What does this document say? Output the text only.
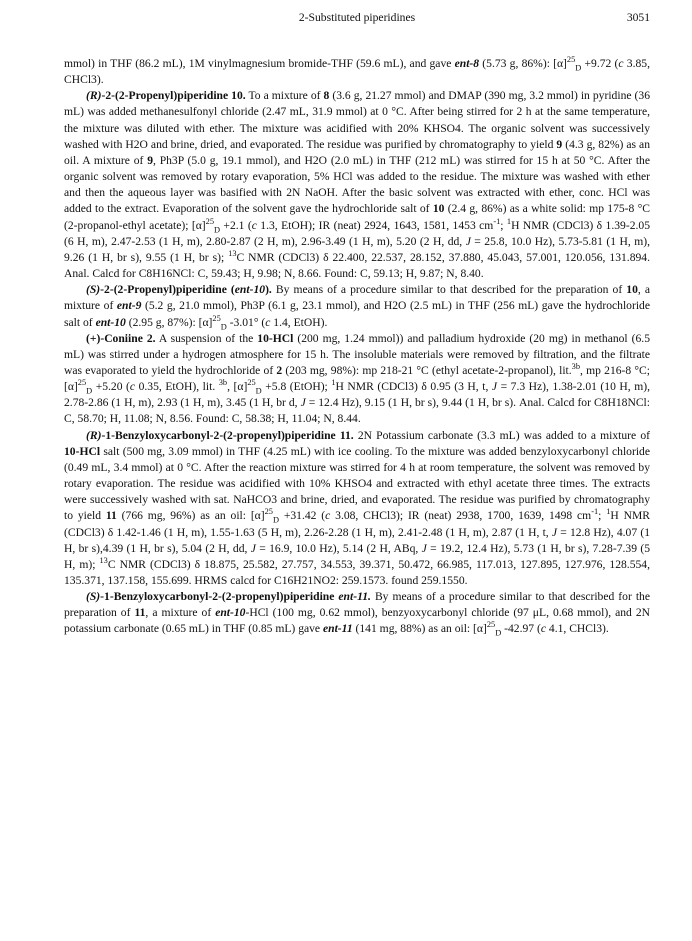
2-Substituted piperidines	3051

mmol) in THF (86.2 mL), 1M vinylmagnesium bromide-THF (59.6 mL), and gave ent-8 (5.73 g, 86%): $[\alpha]^{25}_D +9.72$ (c 3.85, CHCl3).

(R)-2-(2-Propenyl)piperidine 10. To a mixture of 8 (3.6 g, 21.27 mmol) and DMAP (390 mg, 3.2 mmol) in pyridine (36 mL) was added methanesulfonyl chloride (2.47 mL, 31.9 mmol) at 0 °C. After being stirred for 2 h at the same temperature, the mixture was diluted with ether. The mixture was acidified with 20% KHSO4. The organic solvent was successively washed with H2O and brine, dried, and evaporated. The residue was purified by chromatography to yield 9 (4.3 g, 82%) as an oil. A mixture of 9, Ph3P (5.0 g, 19.1 mmol), and H2O (2.0 mL) in THF (212 mL) was stirred for 15 h at 50 °C. After the organic solvent was removed by rotary evaporation, 5% HCl was added to the residue. The mixture was washed with ether and then the aqueous layer was basified with 2N NaOH. After the basic solvent was extracted with ether, conc. HCl was added to the extract. Evaporation of the solvent gave the hydrochloride salt of 10 (2.4 g, 86%) as a white solid: mp 175-8 °C (2-propanol-ethyl acetate); $[\alpha]^{25}_D +2.1$ (c 1.3, EtOH); IR (neat) 2924, 1643, 1581, 1453 $cm^{-1}$; $^1$H NMR (CDCl3) δ 1.39-2.05 (6 H, m), 2.47-2.53 (1 H, m), 2.80-2.87 (2 H, m), 2.96-3.49 (1 H, m), 5.20 (2 H, dd, J = 25.8, 10.0 Hz), 5.73-5.81 (1 H, m), 9.26 (1 H, br s), 9.55 (1 H, br s); $^{13}$C NMR (CDCl3) δ 22.400, 22.537, 28.152, 37.880, 45.043, 57.001, 120.056, 131.894. Anal. Calcd for C8H16NCl: C, 59.43; H, 9.98; N, 8.66. Found: C, 59.13; H, 9.87; N, 8.40.

(S)-2-(2-Propenyl)piperidine (ent-10). By means of a procedure similar to that described for the preparation of 10, a mixture of ent-9 (5.2 g, 21.0 mmol), Ph3P (6.1 g, 23.1 mmol), and H2O (2.5 mL) in THF (256 mL) gave the hydrochloride salt of ent-10 (2.95 g, 87%): $[\alpha]^{25}_D$ -3.01° (c 1.4, EtOH).

(+)-Coniine 2. A suspension of the 10-HCl (200 mg, 1.24 mmol)) and palladium hydroxide (20 mg) in methanol (6.5 mL) was stirred under a hydrogen atmosphere for 15 h. The insoluble materials were removed by filtration, and the filtrate was evaporated to yield the hydrochloride of 2 (203 mg, 98%): mp 218-21 °C (ethyl acetate-2-propanol), lit.$^{3b}$, mp 216-8 °C; $[\alpha]^{25}_D +5.20$ (c 0.35, EtOH), lit. $^{3b}$, $[\alpha]^{25}_D +5.8$ (EtOH); $^1$H NMR (CDCl3) δ 0.95 (3 H, t, J = 7.3 Hz), 1.38-2.01 (10 H, m), 2.78-2.86 (1 H, m), 2.93 (1 H, m), 3.45 (1 H, br d, J = 12.4 Hz), 9.15 (1 H, br s), 9.44 (1 H, br s). Anal. Calcd for C8H18NCl: C, 58.70; H, 11.08; N, 8.56. Found: C, 58.38; H, 11.04; N, 8.44.

(R)-1-Benzyloxycarbonyl-2-(2-propenyl)piperidine 11. 2N Potassium carbonate (3.3 mL) was added to a mixture of 10-HCl salt (500 mg, 3.09 mmol) in THF (4.25 mL) with ice cooling. To the mixture was added benzyloxycarbonyl chloride (0.49 mL, 3.4 mmol) at 0 °C. After the reaction mixture was stirred for 4 h at room temperature, the solvent was removed by rotary evaporation. The residue was acidified with 10% KHSO4 and extracted with ethyl acetate three times. The extracts were successively washed with sat. NaHCO3 and brine, dried, and evaporated. The residue was purified by chromatography to yield 11 (766 mg, 96%) as an oil: $[\alpha]^{25}_D +31.42$ (c 3.08, CHCl3); IR (neat) 2938, 1700, 1639, 1498 $cm^{-1}$; $^1$H NMR (CDCl3) δ 1.42-1.46 (1 H, m), 1.55-1.63 (5 H, m), 2.26-2.28 (1 H, m), 2.41-2.48 (1 H, m), 2.87 (1 H, t, J = 12.8 Hz), 4.07 (1 H, br s),4.39 (1 H, br s), 5.04 (2 H, dd, J = 16.9, 10.0 Hz), 5.14 (2 H, ABq, J = 19.2, 12.4 Hz), 5.73 (1 H, br s), 7.28-7.39 (5 H, m); $^{13}$C NMR (CDCl3) δ 18.875, 25.582, 27.757, 34.553, 39.371, 50.472, 66.985, 117.013, 127.895, 127.976, 128.554, 135.371, 137.158, 155.699. HRMS calcd for C16H21NO2: 259.1573. found 259.1550.

(S)-1-Benzyloxycarbonyl-2-(2-propenyl)piperidine ent-11. By means of a procedure similar to that described for the preparation of 11, a mixture of ent-10-HCl (100 mg, 0.62 mmol), benzyoxycarbonyl chloride (97 μL, 0.68 mmol), and 2N potassium carbonate (0.65 mL) in THF (0.85 mL) gave ent-11 (141 mg, 88%) as an oil: $[\alpha]^{25}_D$ -42.97 (c 4.1, CHCl3).
